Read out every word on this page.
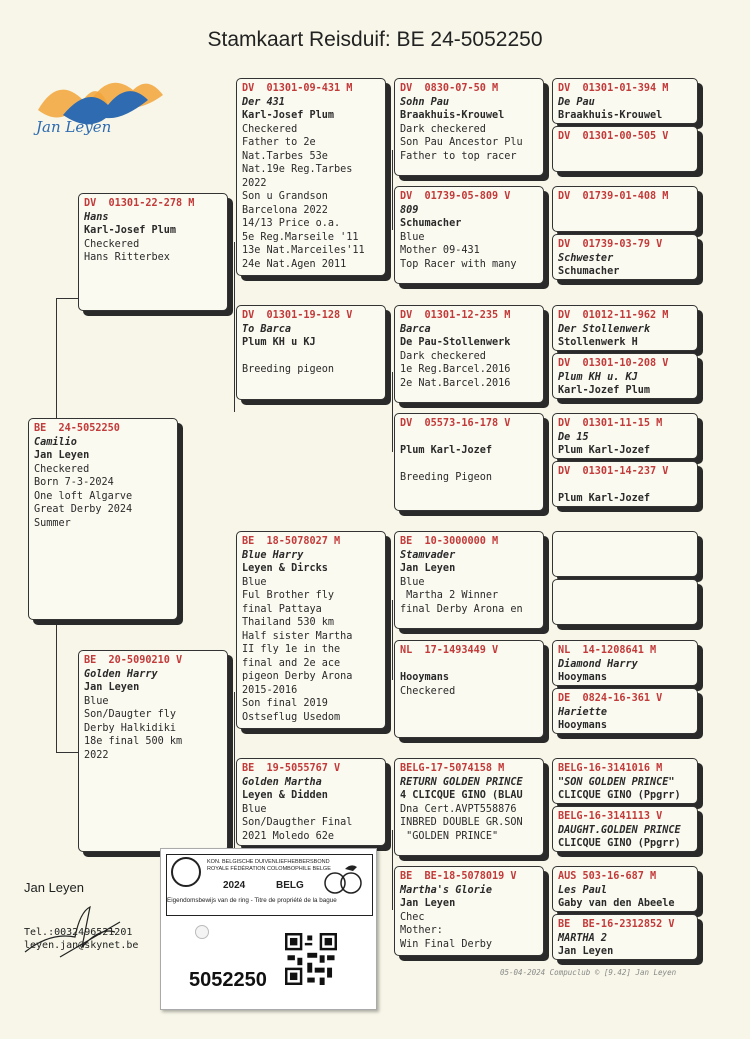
Stamkaart Reisduif: BE 24-5052250
Jan Leyen
BE  24-5052250
Camilio
Jan Leyen
Checkered
Born 7-3-2024
One loft Algarve
Great Derby 2024
Summer
DV  01301-22-278 M
Hans
Karl-Josef Plum
Checkered
Hans Ritterbex
BE  20-5090210 V
Golden Harry
Jan Leyen
Blue
Son/Daugter fly
Derby Halkidiki
18e final 500 km
2022
DV  01301-09-431 M
Der 431
Karl-Josef Plum
Checkered
Father to 2e
Nat.Tarbes 53e
Nat.19e Reg.Tarbes
2022
Son u Grandson
Barcelona 2022
14/13 Price o.a.
5e Reg.Marseile '11
13e Nat.Marceiles'11
24e Nat.Agen 2011
DV  01301-19-128 V
To Barca
Plum KH u KJ

Breeding pigeon
BE  18-5078027 M
Blue Harry
Leyen & Dircks
Blue
Ful Brother fly
final Pattaya
Thailand 530 km
Half sister Martha
II fly 1e in the
final and 2e ace
pigeon Derby Arona
2015-2016
Son final 2019
Ostseflug Usedom
BE  19-5055767 V
Golden Martha
Leyen & Didden
Blue
Son/Daugther Final
2021 Moledo 62e
DV  0830-07-50 M
Sohn Pau
Braakhuis-Krouwel
Dark checkered
Son Pau Ancestor Plu
Father to top racer
DV  01739-05-809 V
809
Schumacher
Blue
Mother 09-431
Top Racer with many
DV  01301-12-235 M
Barca
De Pau-Stollenwerk
Dark checkered
1e Reg.Barcel.2016
2e Nat.Barcel.2016
DV  05573-16-178 V

Plum Karl-Jozef

Breeding Pigeon
BE  10-3000000 M
Stamvader
Jan Leyen
Blue
Martha 2 Winner
final Derby Arona en
NL  17-1493449 V

Hooymans
Checkered
BELG-17-5074158 M
RETURN GOLDEN PRINCE
4 CLICQUE GINO (BLAU
Dna Cert.AVPT558876
INBRED DOUBLE GR.SON
"GOLDEN PRINCE"
BE  BE-18-5078019 V
Martha's Glorie
Jan Leyen
Chec
Mother:
Win Final Derby
DV  01301-01-394 M
De Pau
Braakhuis-Krouwel
DV  01301-00-505 V
DV  01739-01-408 M
DV  01739-03-79 V
Schwester
Schumacher
DV  01012-11-962 M
Der Stollenwerk
Stollenwerk H
DV  01301-10-208 V
Plum KH u. KJ
Karl-Jozef Plum
DV  01301-11-15 M
De 15
Plum Karl-Jozef
DV  01301-14-237 V

Plum Karl-Jozef
NL  14-1208641 M
Diamond Harry
Hooymans
DE  0824-16-361 V
Hariette
Hooymans
BELG-16-3141016 M
"SON GOLDEN PRINCE"
CLICQUE GINO (Ppgrr)
BELG-16-3141113 V
DAUGHT.GOLDEN PRINCE
CLICQUE GINO (Ppgrr)
AUS 503-16-687 M
Les Paul
Gaby van den Abeele
BE  BE-16-2312852 V
MARTHA 2
Jan Leyen
Jan Leyen
Tel.:0032496521201
leyen.jan@skynet.be
05-04-2024 Compuclub © [9.42] Jan Leyen
KON. BELGISCHE DUIVENLIEFHEBBERSBOND
ROYALE FÉDÉRATION COLOMBOPHILE BELGE
2024	BELG
Eigendomsbewijs van de ring - Titre de propriété de la bague
5052250
